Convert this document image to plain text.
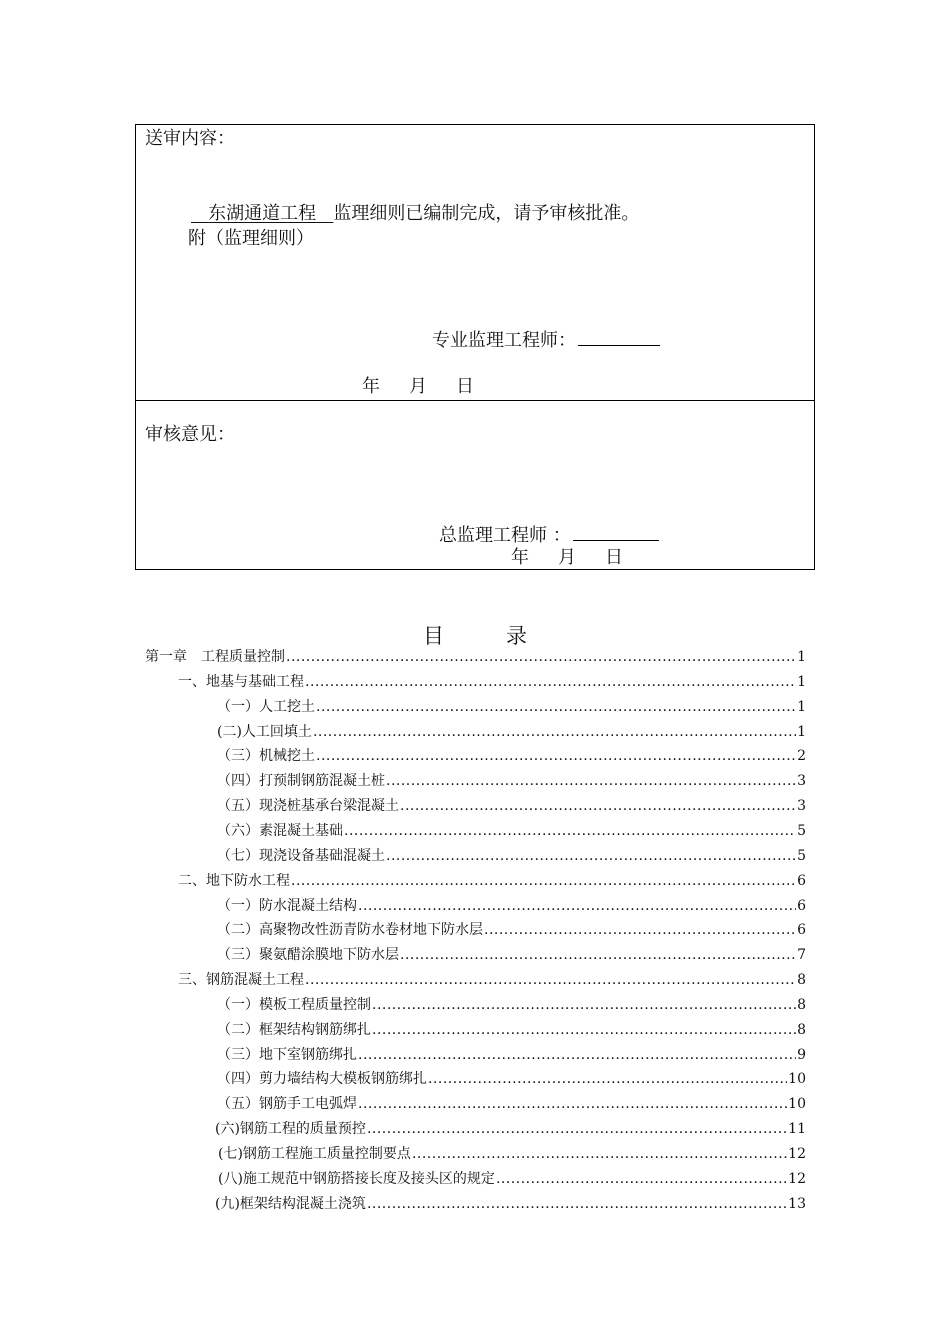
送审内容：
东湖通道工程 监理细则已编制完成，请予审核批准。
附（监理细则）
专业监理工程师：
年 月 日
审核意见：
总监理工程师 ：
年 月 日
目	录
第一章　工程质量控制 .....	1
一、地基与基础工程 .....	1
（一）人工挖土 .....	1
(二)人工回填土 .....	1
（三）机械挖土 .....	2
（四）打预制钢筋混凝土桩 .....	3
（五）现浇桩基承台梁混凝土 .....	3
（六）素混凝土基础 .....	5
（七）现浇设备基础混凝土 .....	5
二、地下防水工程 .....	6
（一）防水混凝土结构 .....	6
（二）高聚物改性沥青防水卷材地下防水层 .....	6
（三）聚氨醋涂膜地下防水层 .....	7
三、钢筋混凝土工程 .....	8
（一）模板工程质量控制 .....	8
（二）框架结构钢筋绑扎 .....	8
（三）地下室钢筋绑扎 .....	9
（四）剪力墙结构大模板钢筋绑扎 .....	10
（五）钢筋手工电弧焊 .....	10
(六)钢筋工程的质量预控 .....	11
(七)钢筋工程施工质量控制要点 .....	12
(八)施工规范中钢筋搭接长度及接头区的规定 .....	12
(九)框架结构混凝土浇筑 .....	13
